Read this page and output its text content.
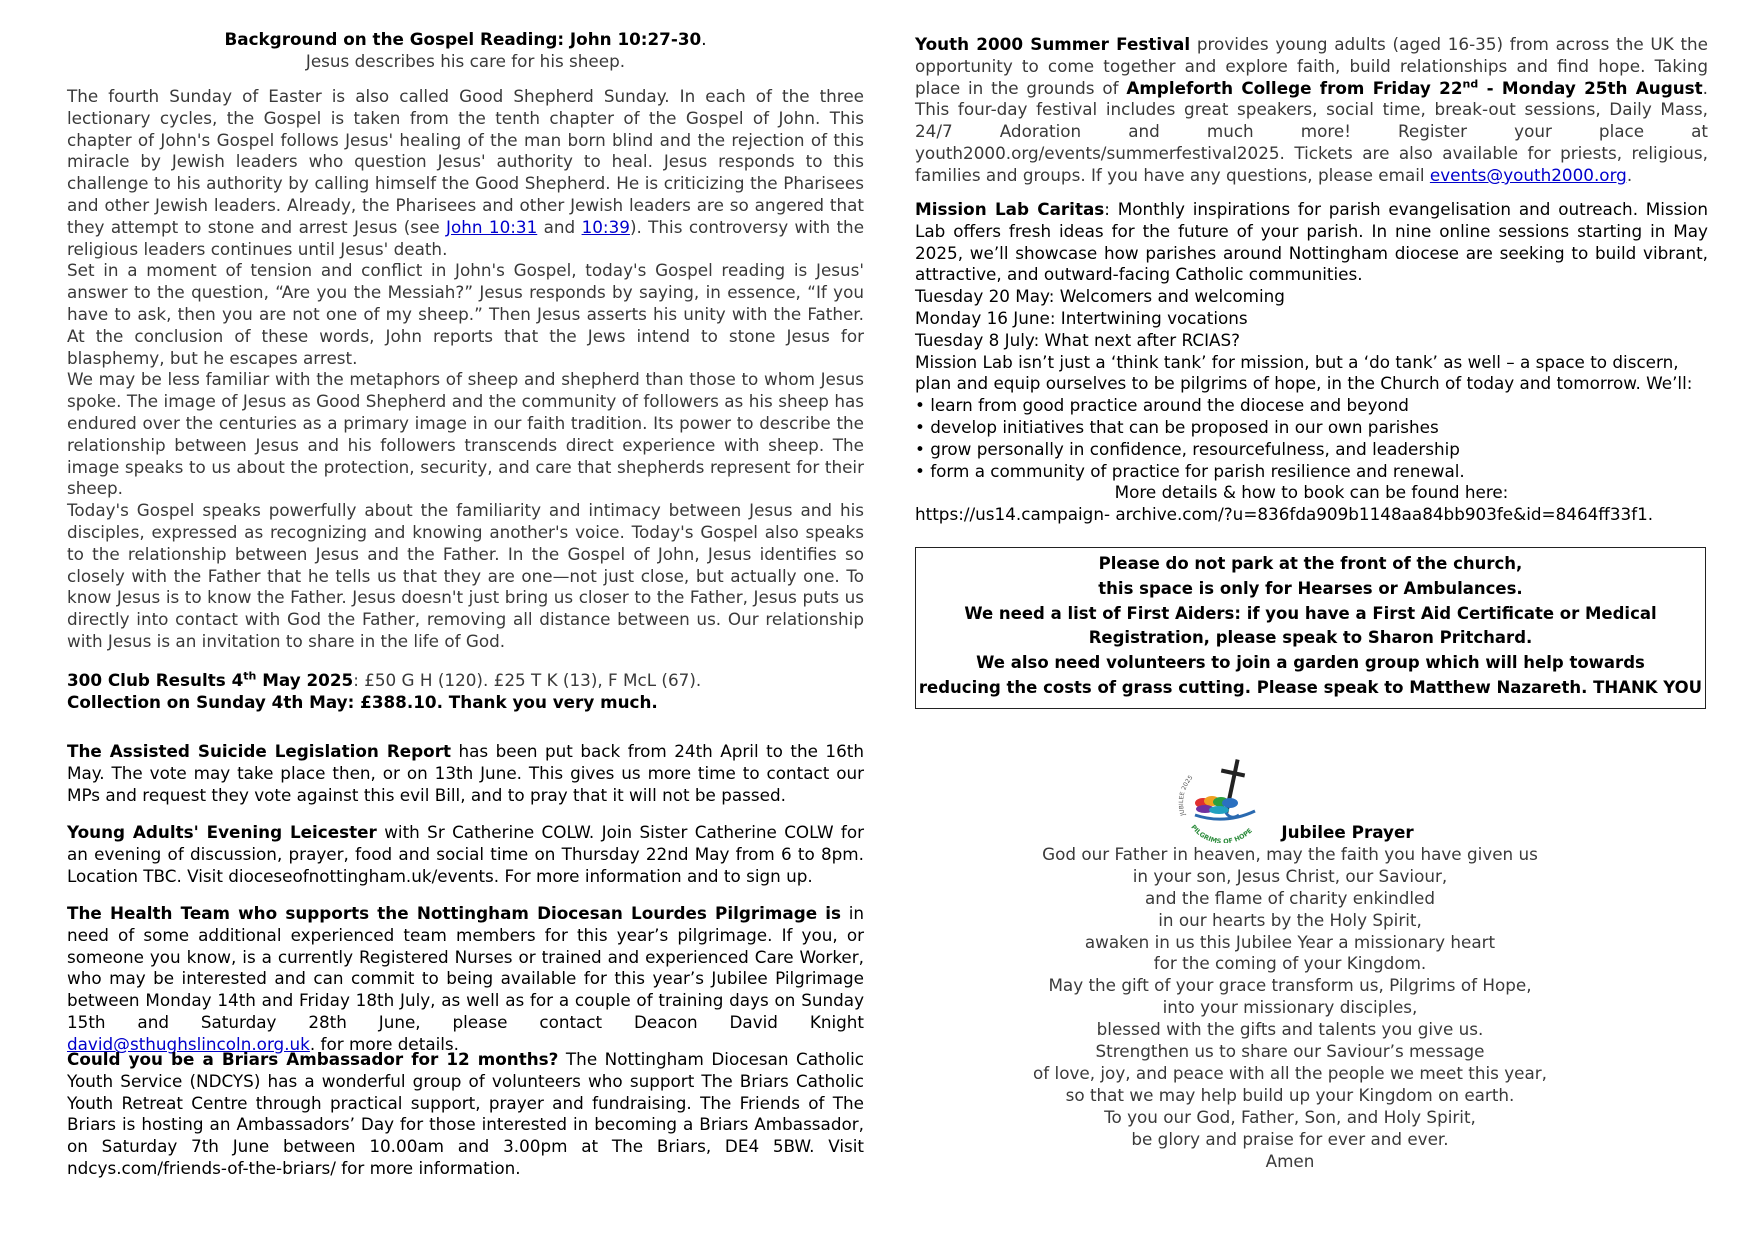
Background on the Gospel Reading: John 10:27-30.

Jesus describes his care for his sheep.

The fourth Sunday of Easter is also called Good Shepherd Sunday. In each of the three lectionary cycles, the Gospel is taken from the tenth chapter of the Gospel of John. This chapter of John's Gospel follows Jesus' healing of the man born blind and the rejection of this miracle by Jewish leaders who question Jesus' authority to heal. Jesus responds to this challenge to his authority by calling himself the Good Shepherd. He is criticizing the Pharisees and other Jewish leaders. Already, the Pharisees and other Jewish leaders are so angered that they attempt to stone and arrest Jesus (see John 10:31 and 10:39). This controversy with the religious leaders continues until Jesus' death.

Set in a moment of tension and conflict in John's Gospel, today's Gospel reading is Jesus' answer to the question, “Are you the Messiah?” Jesus responds by saying, in essence, “If you have to ask, then you are not one of my sheep.” Then Jesus asserts his unity with the Father. At the conclusion of these words, John reports that the Jews intend to stone Jesus for blasphemy, but he escapes arrest.

We may be less familiar with the metaphors of sheep and shepherd than those to whom Jesus spoke. The image of Jesus as Good Shepherd and the community of followers as his sheep has endured over the centuries as a primary image in our faith tradition. Its power to describe the relationship between Jesus and his followers transcends direct experience with sheep. The image speaks to us about the protection, security, and care that shepherds represent for their sheep.

Today's Gospel speaks powerfully about the familiarity and intimacy between Jesus and his disciples, expressed as recognizing and knowing another's voice. Today's Gospel also speaks to the relationship between Jesus and the Father. In the Gospel of John, Jesus identifies so closely with the Father that he tells us that they are one—not just close, but actually one. To know Jesus is to know the Father. Jesus doesn't just bring us closer to the Father, Jesus puts us directly into contact with God the Father, removing all distance between us. Our relationship with Jesus is an invitation to share in the life of God.

300 Club Results 4th May 2025: £50 G H (120). £25 T K (13), F McL (67).

Collection on Sunday 4th May: £388.10. Thank you very much.

The Assisted Suicide Legislation Report has been put back from 24th April to the 16th May. The vote may take place then, or on 13th June. This gives us more time to contact our MPs and request they vote against this evil Bill, and to pray that it will not be passed.

Young Adults' Evening Leicester with Sr Catherine COLW. Join Sister Catherine COLW for an evening of discussion, prayer, food and social time on Thursday 22nd May from 6 to 8pm. Location TBC. Visit dioceseofnottingham.uk/events. For more information and to sign up.

The Health Team who supports the Nottingham Diocesan Lourdes Pilgrimage is in need of some additional experienced team members for this year’s pilgrimage. If you, or someone you know, is a currently Registered Nurses or trained and experienced Care Worker, who may be interested and can commit to being available for this year’s Jubilee Pilgrimage between Monday 14th and Friday 18th July, as well as for a couple of training days on Sunday 15th and Saturday 28th June, please contact Deacon David Knight david@sthughslincoln.org.uk. for more details.

Could you be a Briars Ambassador for 12 months? The Nottingham Diocesan Catholic Youth Service (NDCYS) has a wonderful group of volunteers who support The Briars Catholic Youth Retreat Centre through practical support, prayer and fundraising. The Friends of The Briars is hosting an Ambassadors’ Day for those interested in becoming a Briars Ambassador, on Saturday 7th June between 10.00am and 3.00pm at The Briars, DE4 5BW. Visit ndcys.com/friends-of-the-briars/ for more information.

Youth 2000 Summer Festival provides young adults (aged 16-35) from across the UK the opportunity to come together and explore faith, build relationships and find hope. Taking place in the grounds of Ampleforth College from Friday 22nd - Monday 25th August. This four-day festival includes great speakers, social time, break-out sessions, Daily Mass, 24/7 Adoration and much more! Register your place at youth2000.org/events/summerfestival2025. Tickets are also available for priests, religious, families and groups. If you have any questions, please email events@youth2000.org.

Mission Lab Caritas: Monthly inspirations for parish evangelisation and outreach. Mission Lab offers fresh ideas for the future of your parish. In nine online sessions starting in May 2025, we’ll showcase how parishes around Nottingham diocese are seeking to build vibrant, attractive, and outward-facing Catholic communities.

Tuesday 20 May: Welcomers and welcoming

Monday 16 June: Intertwining vocations

Tuesday 8 July: What next after RCIAS?

Mission Lab isn’t just a ‘think tank’ for mission, but a ‘do tank’ as well – a space to discern, plan and equip ourselves to be pilgrims of hope, in the Church of today and tomorrow. We’ll:

• learn from good practice around the diocese and beyond

• develop initiatives that can be proposed in our own parishes

• grow personally in confidence, resourcefulness, and leadership

• form a community of practice for parish resilience and renewal.

More details & how to book can be found here:

https://us14.campaign- archive.com/?u=836fda909b1148aa84bb903fe&id=8464ff33f1.

Please do not park at the front of the church,
this space is only for Hearses or Ambulances.
We need a list of First Aiders: if you have a First Aid Certificate or Medical
Registration, please speak to Sharon Pritchard.
We also need volunteers to join a garden group which will help towards
reducing the costs of grass cutting. Please speak to Matthew Nazareth. THANK YOU
JUBILEE 2025
PILGRIMS OF HOPE	Jubilee Prayer
God our Father in heaven, may the faith you have given us
in your son, Jesus Christ, our Saviour,
and the flame of charity enkindled
in our hearts by the Holy Spirit,
awaken in us this Jubilee Year a missionary heart
for the coming of your Kingdom.
May the gift of your grace transform us, Pilgrims of Hope,
into your missionary disciples,
blessed with the gifts and talents you give us.
Strengthen us to share our Saviour’s message
of love, joy, and peace with all the people we meet this year,
so that we may help build up your Kingdom on earth.
To you our God, Father, Son, and Holy Spirit,
be glory and praise for ever and ever.
Amen
